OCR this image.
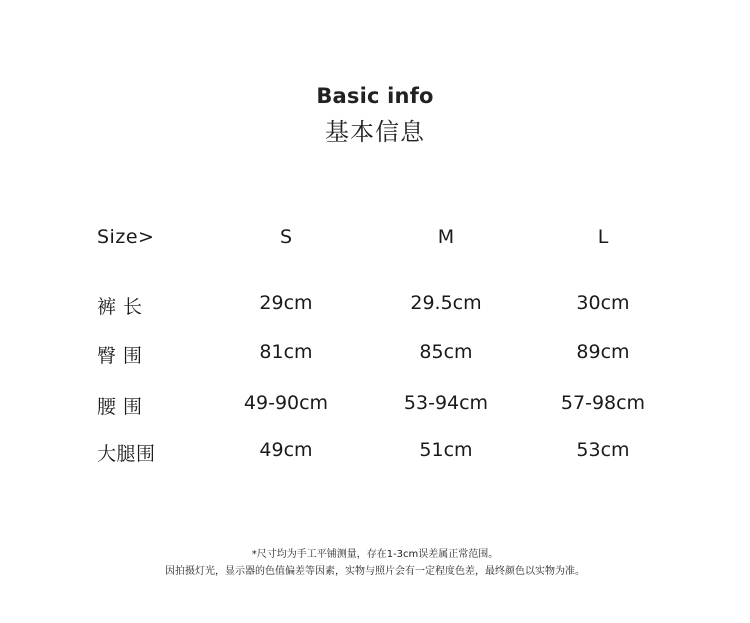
Basic info
基本信息
Size>	S	M	L
裤 长	29cm	29.5cm	30cm
臀 围	81cm	85cm	89cm
腰 围	49-90cm	53-94cm	57-98cm
大腿围	49cm	51cm	53cm
*尺寸均为手工平铺测量，存在1-3cm误差属正常范围。
因拍摄灯光，显示器的色值偏差等因素，实物与照片会有一定程度色差，最终颜色以实物为准。
